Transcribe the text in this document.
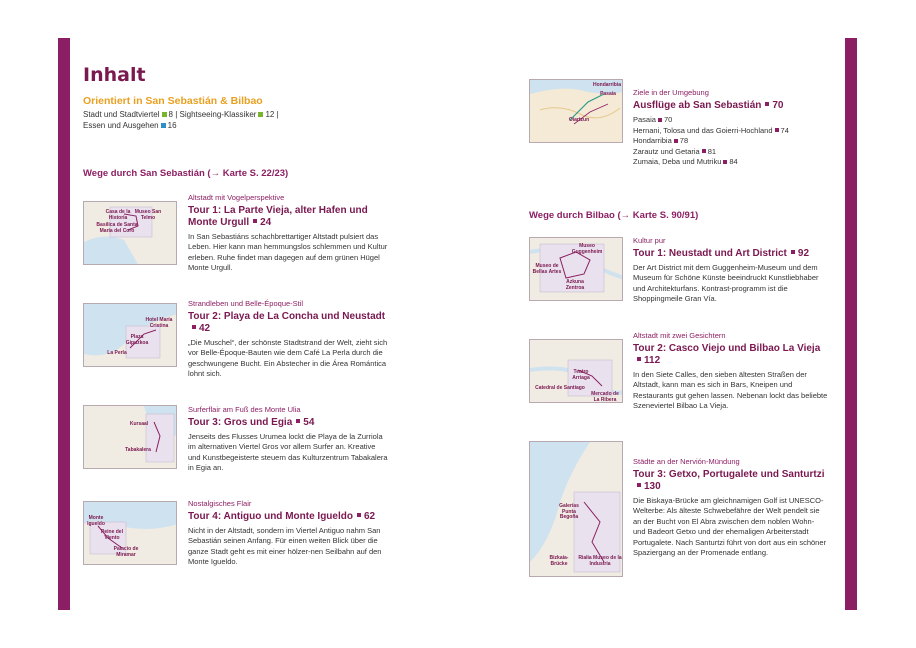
Inhalt
Orientiert in San Sebastián & Bilbao
Stadt und Stadtviertel 8 | Sightseeing-Klassiker 12 |
Essen und Ausgehen 16
Wege durch San Sebastián (→ Karte S. 22/23)
Casa de la Historia
Museo San Telmo
Basílica de Santa María del Coro
Altstadt mit Vogelperspektive
Tour 1: La Parte Vieja, alter Hafen und Monte Urgull 24
In San Sebastiáns schachbrettartiger Altstadt pulsiert das Leben. Hier kann man hemmungslos schlemmen und Kultur erleben. Ruhe findet man dagegen auf dem grünen Hügel Monte Urgull.
Hotel María Cristina
Plaza Gipuzkoa
La Perla
Strandleben und Belle-Époque-Stil
Tour 2: Playa de La Concha und Neustadt42
„Die Muschel“, der schönste Stadtstrand der Welt, zieht sich vor Belle-Époque-Bauten wie dem Café La Perla durch die geschwungene Bucht. Ein Abstecher in die Área Romántica lohnt sich.
Kursaal
Tabakalera
Surferflair am Fuß des Monte Ulia
Tour 3: Gros und Egia 54
Jenseits des Flusses Urumea lockt die Playa de la Zurriola im alternativen Viertel Gros vor allem Surfer an. Kreative und Kunstbegeisterte steuern das Kulturzentrum Tabakalera in Egia an.
Monte Igueldo
Peine del Viento
Palacio de Miramar
Nostalgisches Flair
Tour 4: Antiguo und Monte Igueldo 62
Nicht in der Altstadt, sondern im Viertel Antiguo nahm San Sebastián seinen Anfang. Für einen weiten Blick über die ganze Stadt geht es mit einer hölzer-nen Seilbahn auf den Monte Igueldo.
Hondarribia
Pasaia
Oiartzun
Ziele in der Umgebung
Ausflüge ab San Sebastián 70
Pasaia 70
Hernani, Tolosa und das Goierri-Hochland 74
Hondarribia 78
Zarautz und Getaria 81
Zumaia, Deba und Mutriku 84
Wege durch Bilbao (→ Karte S. 90/91)
Museo Guggenheim
Museo de Bellas Artes
Azkuna Zentroa
Kultur pur
Tour 1: Neustadt und Art District 92
Der Art District mit dem Guggenheim-Museum und dem Museum für Schöne Künste beeindruckt Kunstliebhaber und Architekturfans. Kontrast-programm ist die Shoppingmeile Gran Vía.
Teatro Arriaga
Catedral de Santiago
Mercado de La Ribera
Altstadt mit zwei Gesichtern
Tour 2: Casco Viejo und Bilbao La Vieja112
In den Siete Calles, den sieben ältesten Straßen der Altstadt, kann man es sich in Bars, Kneipen und Restaurants gut gehen lassen. Nebenan lockt das beliebte Szeneviertel Bilbao La Vieja.
Galerías Punta Begoña
Bizkaia-Brücke
Rialia Museo de la Industria
Städte an der Nervión-Mündung
Tour 3: Getxo, Portugalete und Santurtzi130
Die Biskaya-Brücke am gleichnamigen Golf ist UNESCO-Welterbe: Als älteste Schwebefähre der Welt pendelt sie an der Bucht von El Abra zwischen dem noblen Wohn- und Badeort Getxo und der ehemaligen Arbeiterstadt Portugalete. Nach Santurtzi führt von dort aus ein schöner Spaziergang an der Promenade entlang.
